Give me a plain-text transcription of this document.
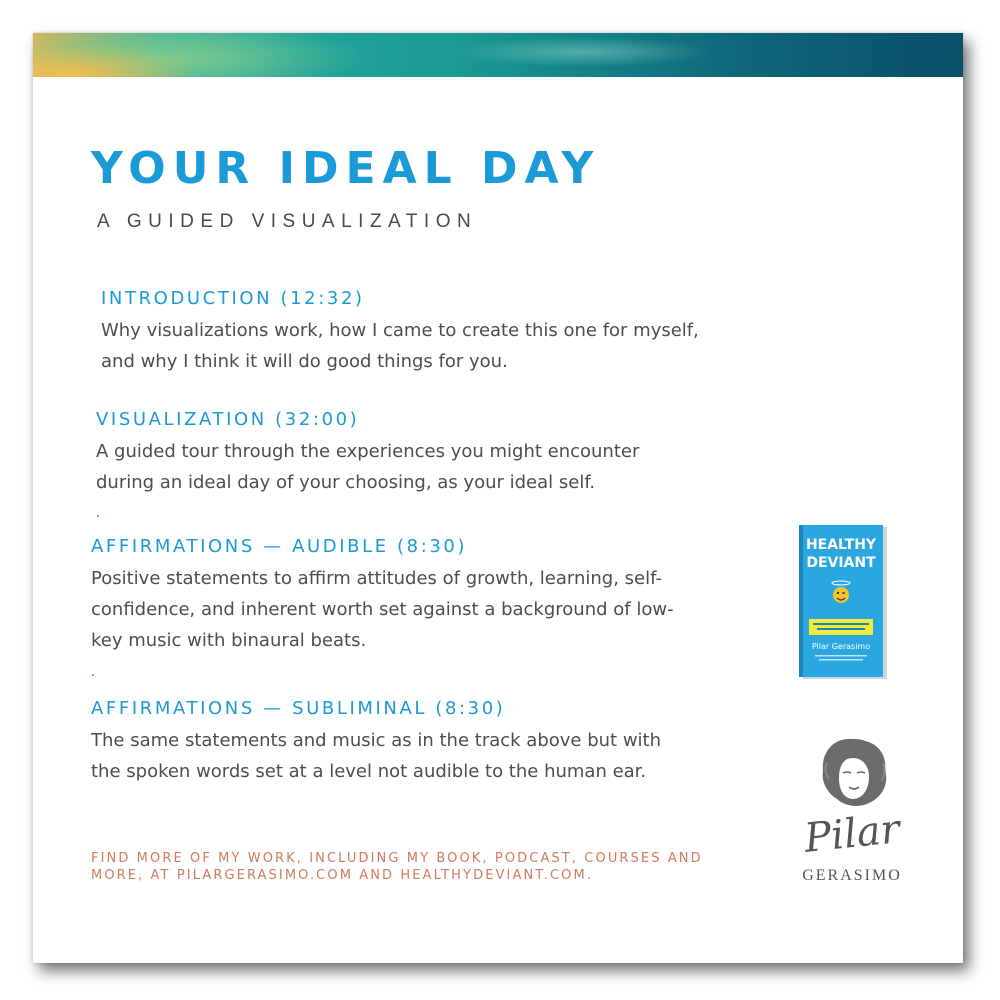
YOUR IDEAL DAY
A GUIDED VISUALIZATION
INTRODUCTION (12:32)

Why visualizations work, how I came to create this one for myself, and why I think it will do good things for you.

VISUALIZATION (32:00)

A guided tour through the experiences you might encounter during an ideal day of your choosing, as your ideal self.

AFFIRMATIONS — AUDIBLE (8:30)

Positive statements to affirm attitudes of growth, learning, self-confidence, and inherent worth set against a background of low-key music with binaural beats.

AFFIRMATIONS — SUBLIMINAL (8:30)

The same statements and music as in the track above but with the spoken words set at a level not audible to the human ear.

FIND MORE OF MY WORK, INCLUDING MY BOOK, PODCAST, COURSES AND MORE, AT PILARGERASIMO.COM AND HEALTHYDEVIANT.COM.
HEALTHY
DEVIANT
Pilar Gerasimo
Pilar
GERASIMO
